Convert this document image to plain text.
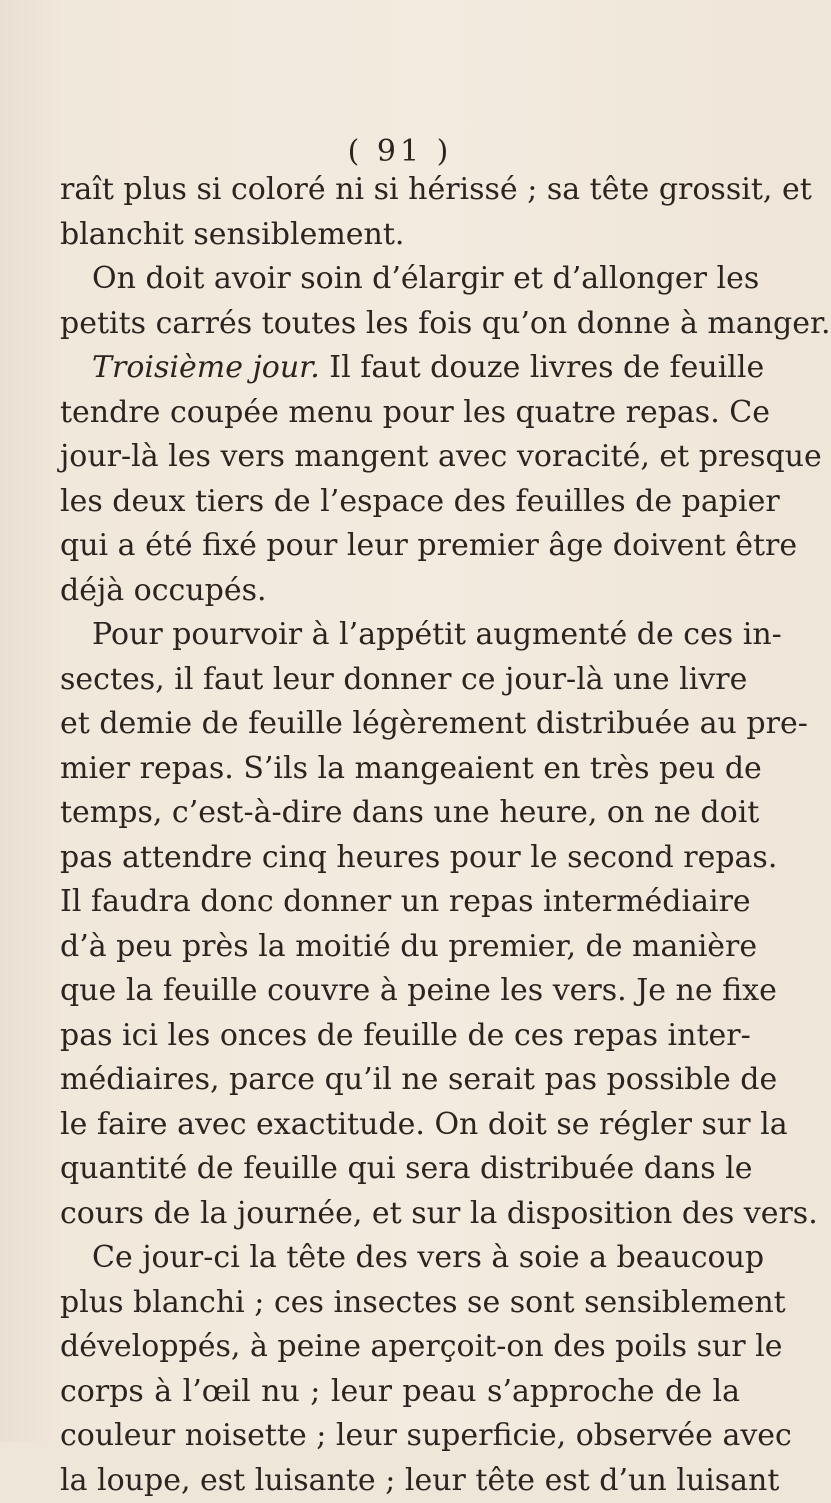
( 91 )
raît plus si coloré ni si hérissé ; sa tête grossit, et
blanchit sensiblement.
On doit avoir soin d’élargir et d’allonger les
petits carrés toutes les fois qu’on donne à manger.
Troisième jour. Il faut douze livres de feuille
tendre coupée menu pour les quatre repas. Ce
jour-là les vers mangent avec voracité, et presque
les deux tiers de l’espace des feuilles de papier
qui a été fixé pour leur premier âge doivent être
déjà occupés.
Pour pourvoir à l’appétit augmenté de ces in-
sectes, il faut leur donner ce jour-là une livre
et demie de feuille légèrement distribuée au pre-
mier repas. S’ils la mangeaient en très peu de
temps, c’est-à-dire dans une heure, on ne doit
pas attendre cinq heures pour le second repas.
Il faudra donc donner un repas intermédiaire
d’à peu près la moitié du premier, de manière
que la feuille couvre à peine les vers. Je ne fixe
pas ici les onces de feuille de ces repas inter-
médiaires, parce qu’il ne serait pas possible de
le faire avec exactitude. On doit se régler sur la
quantité de feuille qui sera distribuée dans le
cours de la journée, et sur la disposition des vers.
Ce jour-ci la tête des vers à soie a beaucoup
plus blanchi ; ces insectes se sont sensiblement
développés, à peine aperçoit-on des poils sur le
corps à l’œil nu ; leur peau s’approche de la
couleur noisette ; leur superficie, observée avec
la loupe, est luisante ; leur tête est d’un luisant
